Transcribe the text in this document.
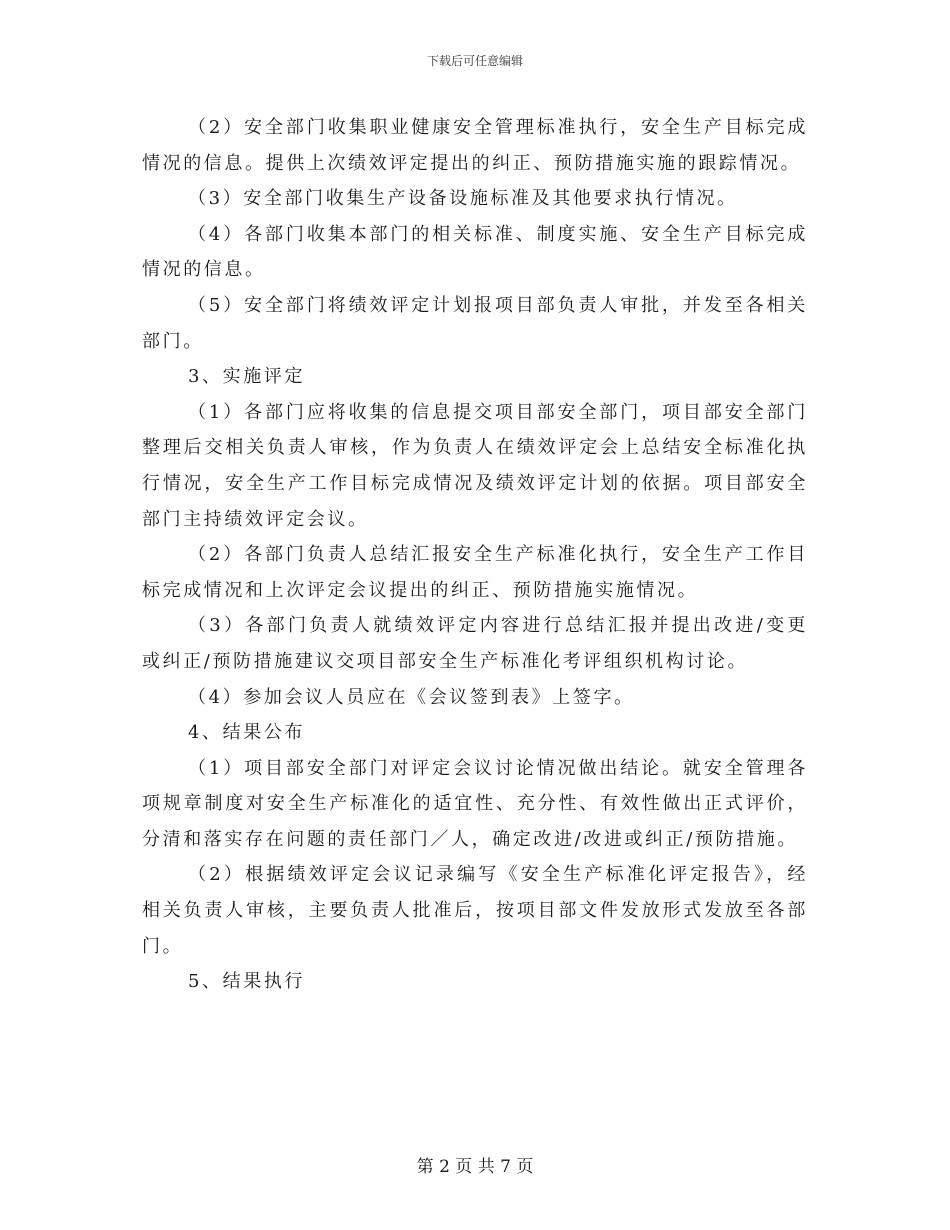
下载后可任意编辑

（2）安全部门收集职业健康安全管理标准执行，安全生产目标完成情况的信息。提供上次绩效评定提出的纠正、预防措施实施的跟踪情况。

（3）安全部门收集生产设备设施标准及其他要求执行情况。

（4）各部门收集本部门的相关标准、制度实施、安全生产目标完成情况的信息。

（5）安全部门将绩效评定计划报项目部负责人审批，并发至各相关部门。

3、实施评定

（1）各部门应将收集的信息提交项目部安全部门，项目部安全部门整理后交相关负责人审核，作为负责人在绩效评定会上总结安全标准化执行情况，安全生产工作目标完成情况及绩效评定计划的依据。项目部安全部门主持绩效评定会议。

（2）各部门负责人总结汇报安全生产标准化执行，安全生产工作目标完成情况和上次评定会议提出的纠正、预防措施实施情况。

（3）各部门负责人就绩效评定内容进行总结汇报并提出改进/变更或纠正/预防措施建议交项目部安全生产标准化考评组织机构讨论。

（4）参加会议人员应在《会议签到表》上签字。

4、结果公布

（1）项目部安全部门对评定会议讨论情况做出结论。就安全管理各项规章制度对安全生产标准化的适宜性、充分性、有效性做出正式评价，分清和落实存在问题的责任部门／人，确定改进/改进或纠正/预防措施。

（2）根据绩效评定会议记录编写《安全生产标准化评定报告》，经相关负责人审核，主要负责人批准后，按项目部文件发放形式发放至各部门。

5、结果执行

第 2 页 共 7 页
